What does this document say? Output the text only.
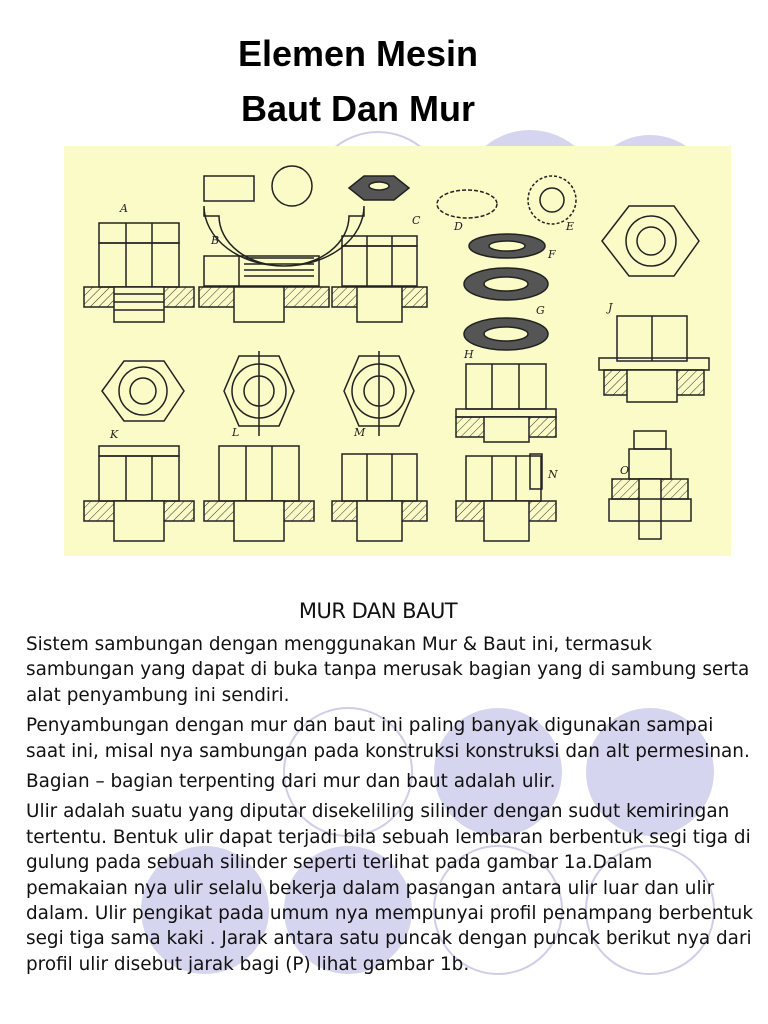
Elemen Mesin
Baut Dan Mur
A
B
C	D	E
F
G
H
J
K	L	M
N	O
MUR DAN BAUT

Sistem sambungan dengan menggunakan Mur & Baut ini, termasuk sambungan yang dapat di buka tanpa merusak bagian yang di sambung serta alat penyambung ini sendiri.

Penyambungan dengan mur dan baut ini paling banyak digunakan sampai saat ini, misal nya sambungan pada konstruksi konstruksi dan alt permesinan.

Bagian – bagian terpenting dari mur dan baut adalah ulir.

Ulir adalah suatu yang diputar disekeliling silinder dengan sudut kemiringan tertentu. Bentuk ulir dapat terjadi bila sebuah lembaran berbentuk segi tiga di gulung pada sebuah silinder seperti terlihat pada gambar 1a.Dalam pemakaian nya ulir selalu bekerja dalam pasangan antara ulir luar dan ulir dalam. Ulir pengikat pada umum nya mempunyai profil penampang berbentuk segi tiga sama kaki . Jarak antara satu puncak dengan puncak berikut nya dari profil ulir disebut jarak bagi (P) lihat gambar 1b.
